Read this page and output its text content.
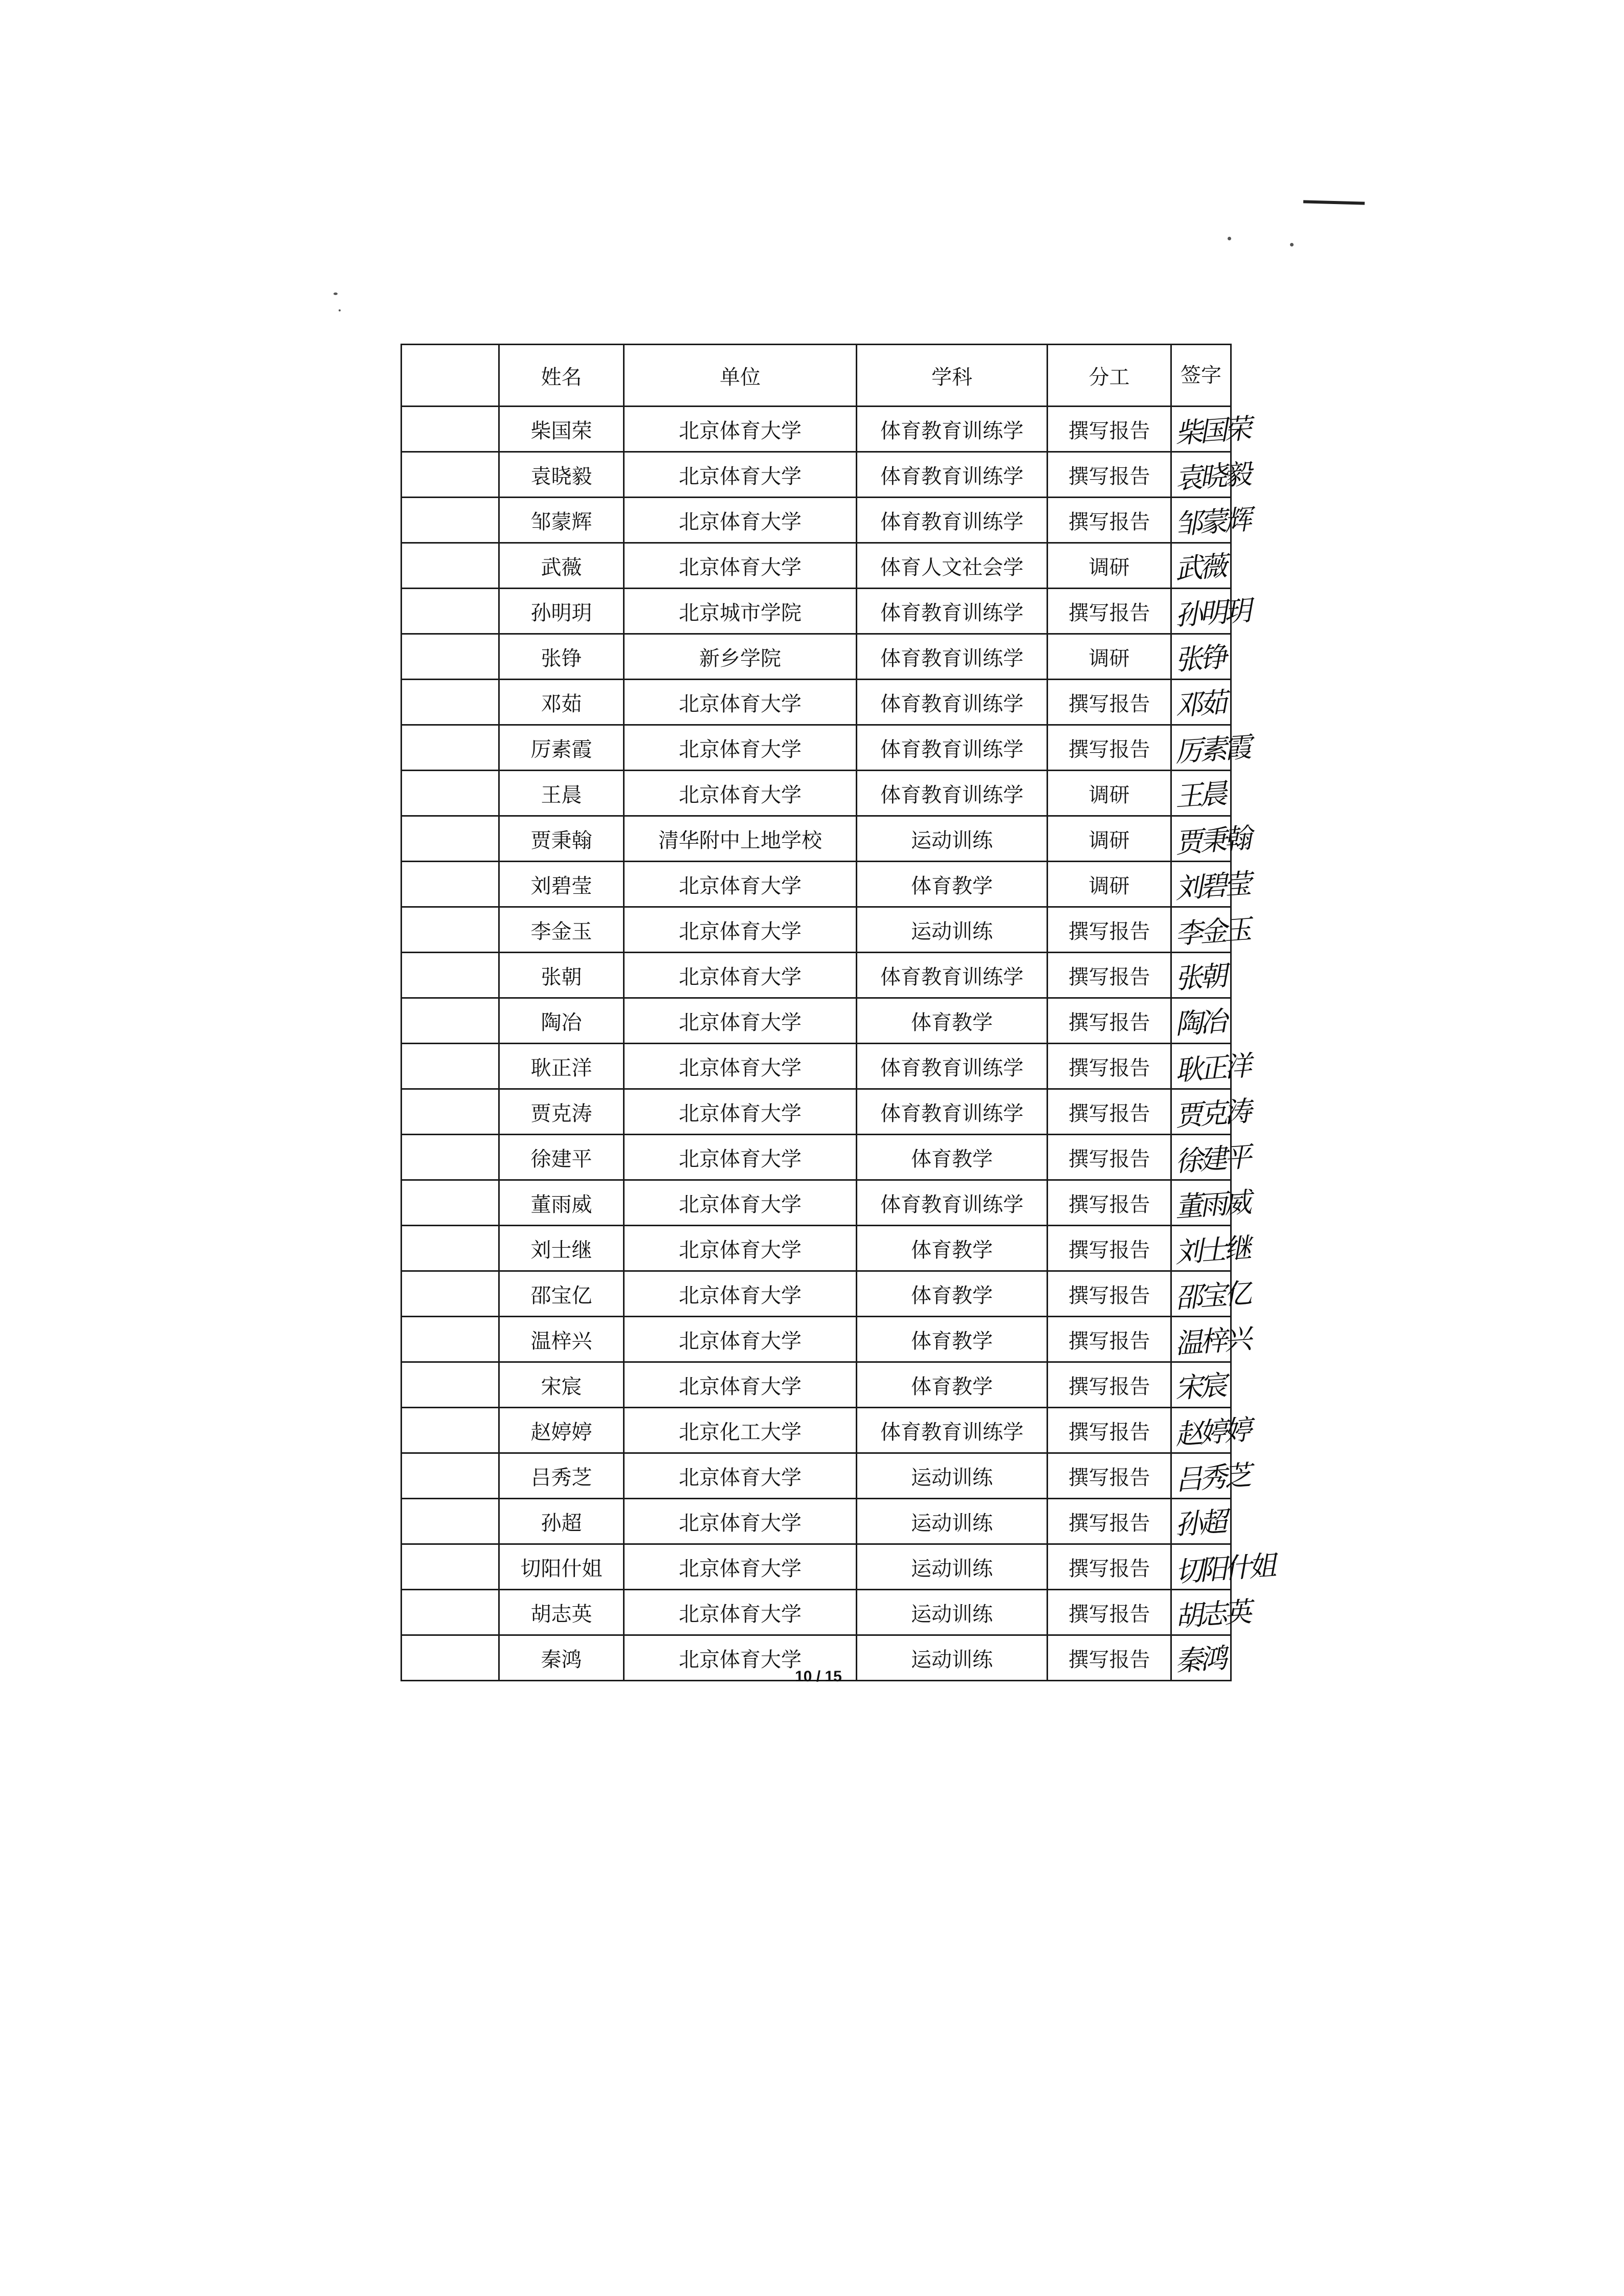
	姓名	单位	学科	分工	签字
	柴国荣	北京体育大学	体育教育训练学	撰写报告	柴国荣

	袁晓毅	北京体育大学	体育教育训练学	撰写报告	袁晓毅

	邹蒙辉	北京体育大学	体育教育训练学	撰写报告	邹蒙辉

	武薇	北京体育大学	体育人文社会学	调研	武薇

	孙明玥	北京城市学院	体育教育训练学	撰写报告	孙明玥

	张铮	新乡学院	体育教育训练学	调研	张铮

	邓茹	北京体育大学	体育教育训练学	撰写报告	邓茹

	厉素霞	北京体育大学	体育教育训练学	撰写报告	厉素霞

	王晨	北京体育大学	体育教育训练学	调研	王晨

	贾秉翰	清华附中上地学校	运动训练	调研	贾秉翰

	刘碧莹	北京体育大学	体育教学	调研	刘碧莹

	李金玉	北京体育大学	运动训练	撰写报告	李金玉

	张朝	北京体育大学	体育教育训练学	撰写报告	张朝

	陶冶	北京体育大学	体育教学	撰写报告	陶冶

	耿正洋	北京体育大学	体育教育训练学	撰写报告	耿正洋

	贾克涛	北京体育大学	体育教育训练学	撰写报告	贾克涛

	徐建平	北京体育大学	体育教学	撰写报告	徐建平

	董雨威	北京体育大学	体育教育训练学	撰写报告	董雨威

	刘士继	北京体育大学	体育教学	撰写报告	刘士继

	邵宝亿	北京体育大学	体育教学	撰写报告	邵宝亿

	温梓兴	北京体育大学	体育教学	撰写报告	温梓兴

	宋宸	北京体育大学	体育教学	撰写报告	宋宸

	赵婷婷	北京化工大学	体育教育训练学	撰写报告	赵婷婷

	吕秀芝	北京体育大学	运动训练	撰写报告	吕秀芝

	孙超	北京体育大学	运动训练	撰写报告	孙超

	切阳什姐	北京体育大学	运动训练	撰写报告	切阳什姐

	胡志英	北京体育大学	运动训练	撰写报告	胡志英

	秦鸿	北京体育大学	运动训练	撰写报告	秦鸿
10 / 15
